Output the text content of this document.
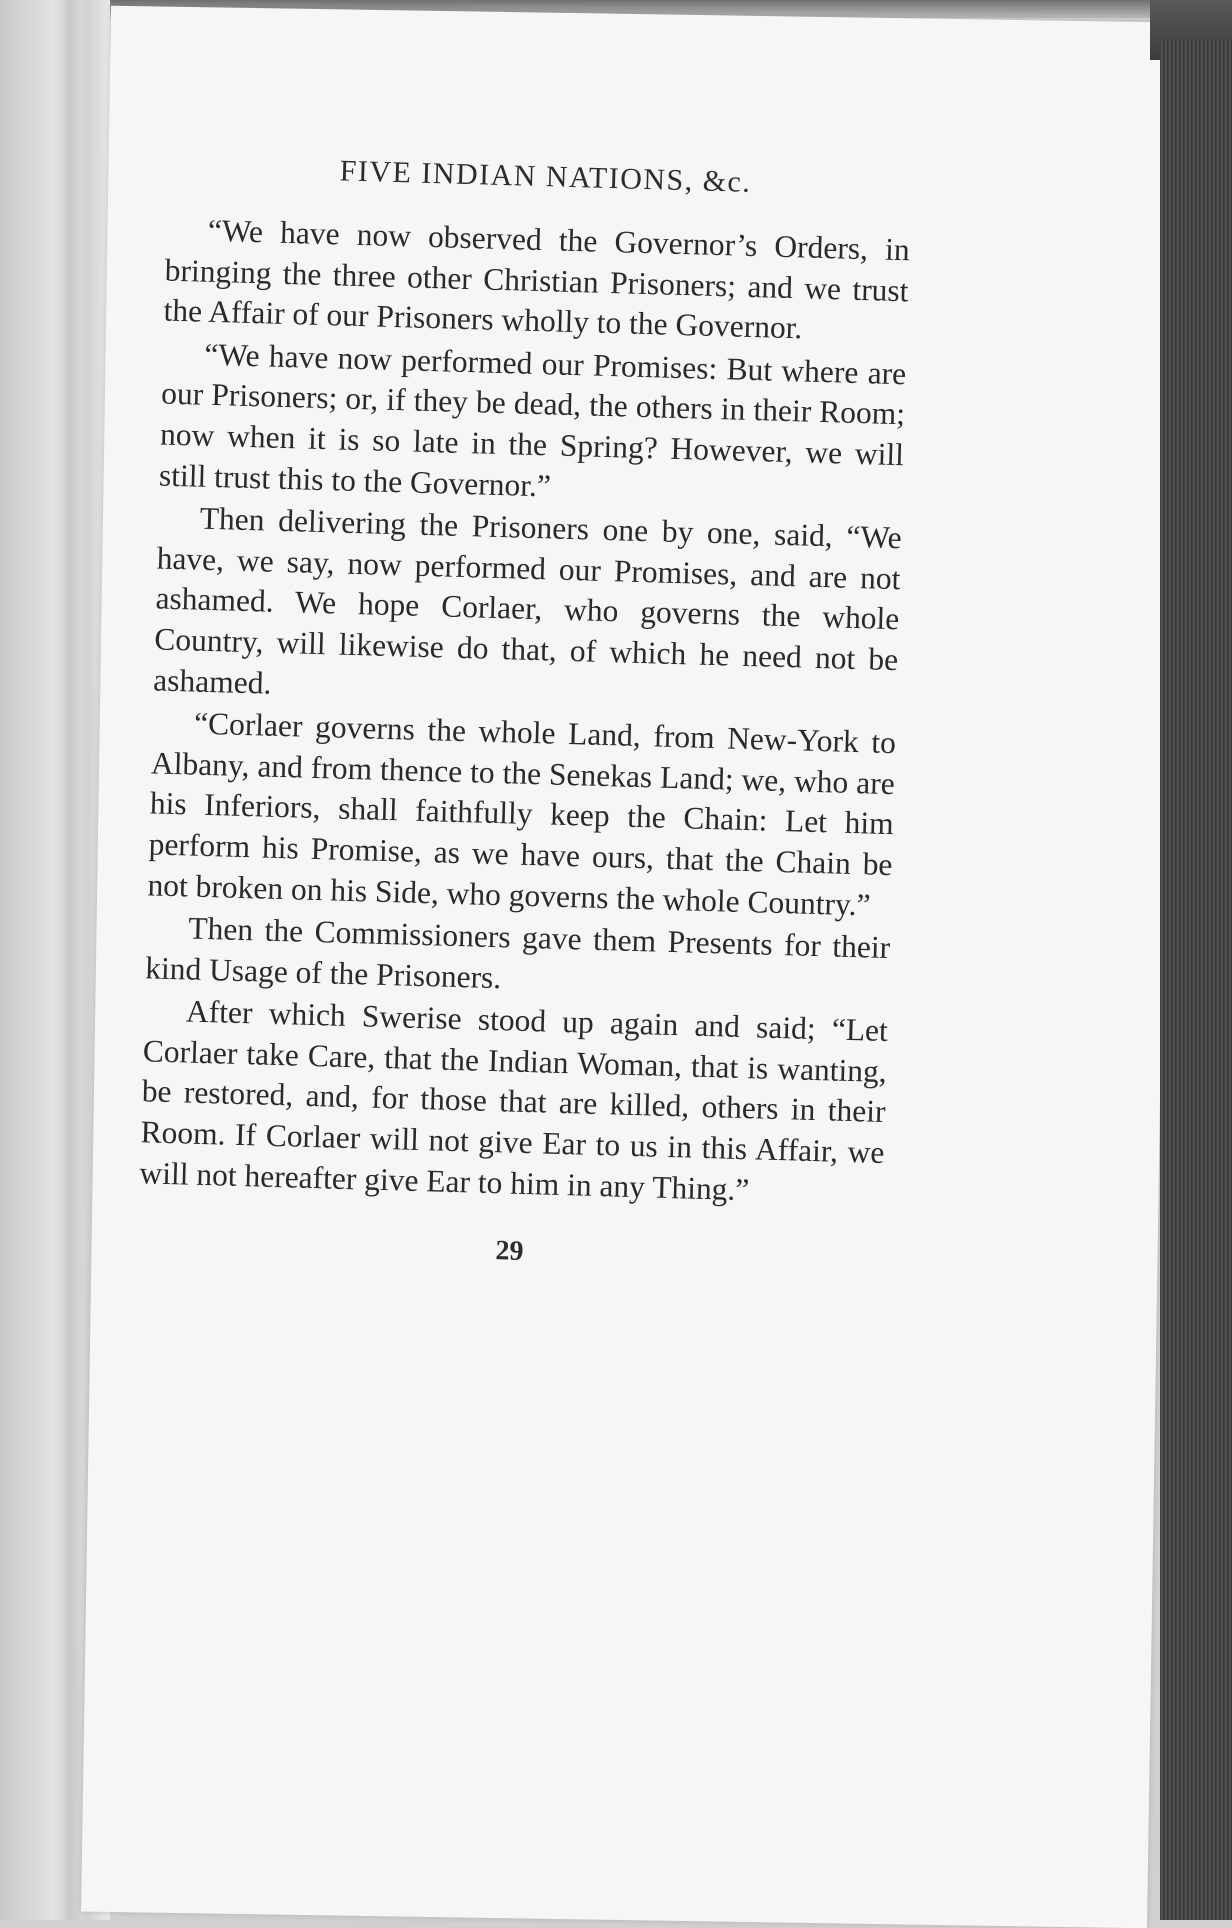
FIVE INDIAN NATIONS, &c.

“We have now observed the Governor’s Orders, in bringing the three other Christian Prisoners; and we trust the Affair of our Prisoners wholly to the Governor.

“We have now performed our Promises: But where are our Prisoners; or, if they be dead, the others in their Room; now when it is so late in the Spring? However, we will still trust this to the Governor.”

Then delivering the Prisoners one by one, said, “We have, we say, now performed our Promises, and are not ashamed. We hope Corlaer, who governs the whole Country, will likewise do that, of which he need not be ashamed.

“Corlaer governs the whole Land, from New-York to Albany, and from thence to the Senekas Land; we, who are his Inferiors, shall faithfully keep the Chain: Let him perform his Promise, as we have ours, that the Chain be not broken on his Side, who governs the whole Country.”

Then the Commissioners gave them Presents for their kind Usage of the Prisoners.

After which Swerise stood up again and said; “Let Corlaer take Care, that the Indian Woman, that is wanting, be restored, and, for those that are killed, others in their Room. If Corlaer will not give Ear to us in this Affair, we will not hereafter give Ear to him in any Thing.”

29
